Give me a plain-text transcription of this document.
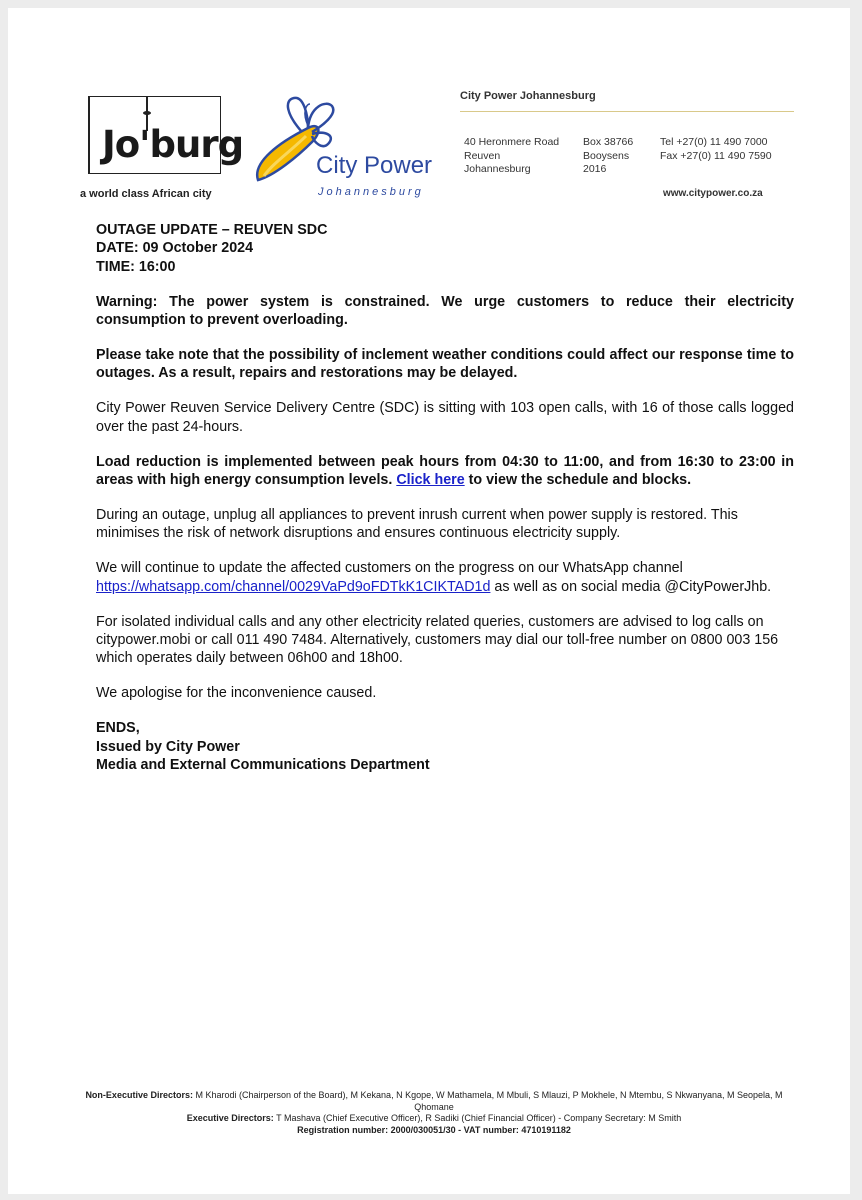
Jo'burg
a world class African city
City Power
Johannesburg
City Power Johannesburg
40 Heronmere Road
Reuven
Johannesburg
Box 38766
Booysens
2016
Tel +27(0) 11 490 7000
Fax +27(0) 11 490 7590
www.citypower.co.za

OUTAGE UPDATE – REUVEN SDC
DATE: 09 October 2024
TIME: 16:00

Warning: The power system is constrained. We urge customers to reduce their electricity consumption to prevent overloading.

Please take note that the possibility of inclement weather conditions could affect our response time to outages. As a result, repairs and restorations may be delayed.

City Power Reuven Service Delivery Centre (SDC) is sitting with 103 open calls, with 16 of those calls logged over the past 24-hours.

Load reduction is implemented between peak hours from 04:30 to 11:00, and from 16:30 to 23:00 in areas with high energy consumption levels. Click here to view the schedule and blocks.

During an outage, unplug all appliances to prevent inrush current when power supply is restored. This minimises the risk of network disruptions and ensures continuous electricity supply.

We will continue to update the affected customers on the progress on our WhatsApp channel https://whatsapp.com/channel/0029VaPd9oFDTkK1CIKTAD1d as well as on social media @CityPowerJhb.

For isolated individual calls and any other electricity related queries, customers are advised to log calls on citypower.mobi or call 011 490 7484. Alternatively, customers may dial our toll-free number on 0800 003 156 which operates daily between 06h00 and 18h00.

We apologise for the inconvenience caused.

ENDS,
Issued by City Power
Media and External Communications Department

Non-Executive Directors: M Kharodi (Chairperson of the Board), M Kekana, N Kgope, W Mathamela, M Mbuli, S Mlauzi, P Mokhele, N Mtembu, S Nkwanyana, M Seopela, M Qhomane
Executive Directors: T Mashava (Chief Executive Officer), R Sadiki (Chief Financial Officer) - Company Secretary: M Smith
Registration number: 2000/030051/30 - VAT number: 4710191182
